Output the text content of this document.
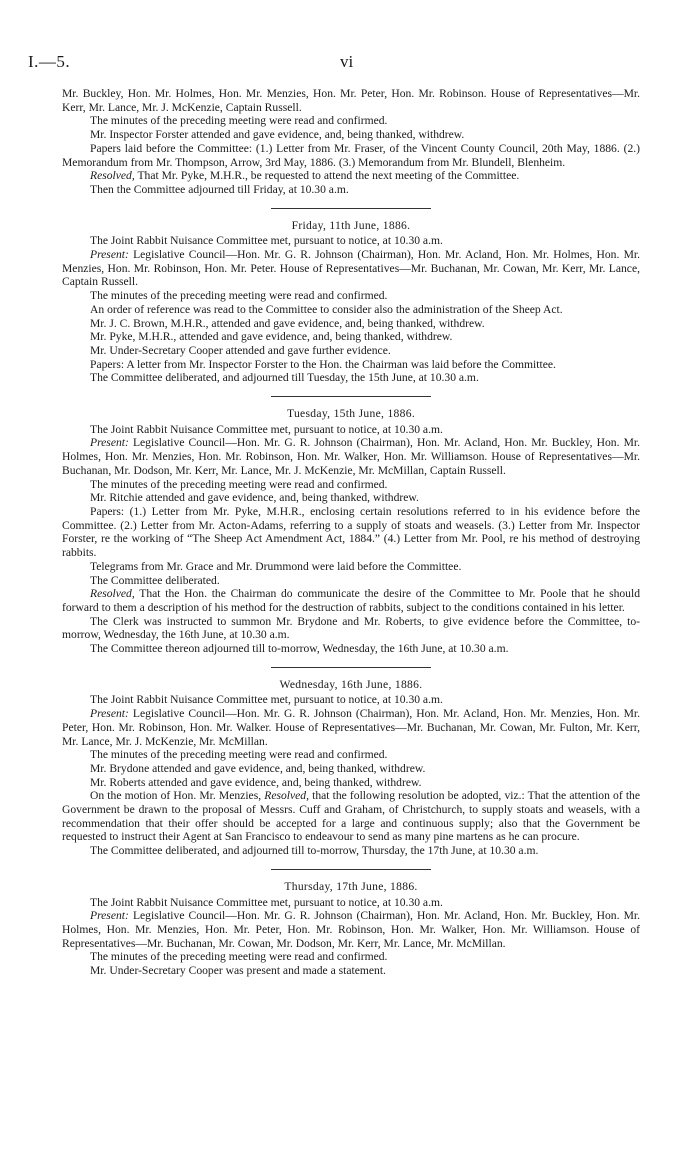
I.—5.	vi

Mr. Buckley, Hon. Mr. Holmes, Hon. Mr. Menzies, Hon. Mr. Peter, Hon. Mr. Robinson. House of Representatives—Mr. Kerr, Mr. Lance, Mr. J. McKenzie, Captain Russell.

The minutes of the preceding meeting were read and confirmed.

Mr. Inspector Forster attended and gave evidence, and, being thanked, withdrew.

Papers laid before the Committee: (1.) Letter from Mr. Fraser, of the Vincent County Council, 20th May, 1886. (2.) Memorandum from Mr. Thompson, Arrow, 3rd May, 1886. (3.) Memorandum from Mr. Blundell, Blenheim.

Resolved, That Mr. Pyke, M.H.R., be requested to attend the next meeting of the Committee.

Then the Committee adjourned till Friday, at 10.30 a.m.

Friday, 11th June, 1886.

The Joint Rabbit Nuisance Committee met, pursuant to notice, at 10.30 a.m.

Present: Legislative Council—Hon. Mr. G. R. Johnson (Chairman), Hon. Mr. Acland, Hon. Mr. Holmes, Hon. Mr. Menzies, Hon. Mr. Robinson, Hon. Mr. Peter. House of Representatives—Mr. Buchanan, Mr. Cowan, Mr. Kerr, Mr. Lance, Captain Russell.

The minutes of the preceding meeting were read and confirmed.

An order of reference was read to the Committee to consider also the administration of the Sheep Act.

Mr. J. C. Brown, M.H.R., attended and gave evidence, and, being thanked, withdrew.

Mr. Pyke, M.H.R., attended and gave evidence, and, being thanked, withdrew.

Mr. Under-Secretary Cooper attended and gave further evidence.

Papers: A letter from Mr. Inspector Forster to the Hon. the Chairman was laid before the Committee.

The Committee deliberated, and adjourned till Tuesday, the 15th June, at 10.30 a.m.

Tuesday, 15th June, 1886.

The Joint Rabbit Nuisance Committee met, pursuant to notice, at 10.30 a.m.

Present: Legislative Council—Hon. Mr. G. R. Johnson (Chairman), Hon. Mr. Acland, Hon. Mr. Buckley, Hon. Mr. Holmes, Hon. Mr. Menzies, Hon. Mr. Robinson, Hon. Mr. Walker, Hon. Mr. Williamson. House of Representatives—Mr. Buchanan, Mr. Dodson, Mr. Kerr, Mr. Lance, Mr. J. McKenzie, Mr. McMillan, Captain Russell.

The minutes of the preceding meeting were read and confirmed.

Mr. Ritchie attended and gave evidence, and, being thanked, withdrew.

Papers: (1.) Letter from Mr. Pyke, M.H.R., enclosing certain resolutions referred to in his evidence before the Committee. (2.) Letter from Mr. Acton-Adams, referring to a supply of stoats and weasels. (3.) Letter from Mr. Inspector Forster, re the working of “The Sheep Act Amendment Act, 1884.” (4.) Letter from Mr. Pool, re his method of destroying rabbits.

Telegrams from Mr. Grace and Mr. Drummond were laid before the Committee.

The Committee deliberated.

Resolved, That the Hon. the Chairman do communicate the desire of the Committee to Mr. Poole that he should forward to them a description of his method for the destruction of rabbits, subject to the conditions contained in his letter.

The Clerk was instructed to summon Mr. Brydone and Mr. Roberts, to give evidence before the Committee, to-morrow, Wednesday, the 16th June, at 10.30 a.m.

The Committee thereon adjourned till to-morrow, Wednesday, the 16th June, at 10.30 a.m.

Wednesday, 16th June, 1886.

The Joint Rabbit Nuisance Committee met, pursuant to notice, at 10.30 a.m.

Present: Legislative Council—Hon. Mr. G. R. Johnson (Chairman), Hon. Mr. Acland, Hon. Mr. Menzies, Hon. Mr. Peter, Hon. Mr. Robinson, Hon. Mr. Walker. House of Representatives—Mr. Buchanan, Mr. Cowan, Mr. Fulton, Mr. Kerr, Mr. Lance, Mr. J. McKenzie, Mr. McMillan.

The minutes of the preceding meeting were read and confirmed.

Mr. Brydone attended and gave evidence, and, being thanked, withdrew.

Mr. Roberts attended and gave evidence, and, being thanked, withdrew.

On the motion of Hon. Mr. Menzies, Resolved, that the following resolution be adopted, viz.: That the attention of the Government be drawn to the proposal of Messrs. Cuff and Graham, of Christchurch, to supply stoats and weasels, with a recommendation that their offer should be accepted for a large and continuous supply; also that the Government be requested to instruct their Agent at San Francisco to endeavour to send as many pine martens as he can procure.

The Committee deliberated, and adjourned till to-morrow, Thursday, the 17th June, at 10.30 a.m.

Thursday, 17th June, 1886.

The Joint Rabbit Nuisance Committee met, pursuant to notice, at 10.30 a.m.

Present: Legislative Council—Hon. Mr. G. R. Johnson (Chairman), Hon. Mr. Acland, Hon. Mr. Buckley, Hon. Mr. Holmes, Hon. Mr. Menzies, Hon. Mr. Peter, Hon. Mr. Robinson, Hon. Mr. Walker, Hon. Mr. Williamson. House of Representatives—Mr. Buchanan, Mr. Cowan, Mr. Dodson, Mr. Kerr, Mr. Lance, Mr. McMillan.

The minutes of the preceding meeting were read and confirmed.

Mr. Under-Secretary Cooper was present and made a statement.
